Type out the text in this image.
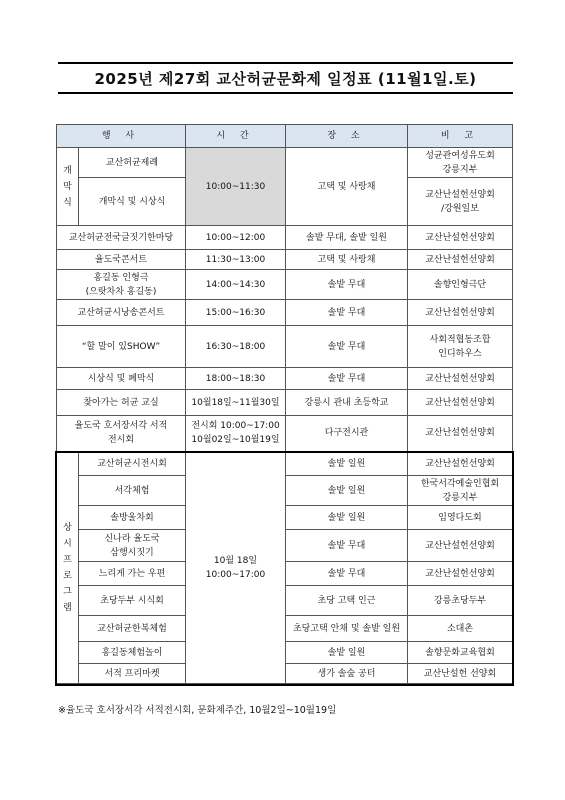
2025년 제27회 교산허균문화제 일정표 (11월1일.토)
행 사		시 간	장 소	비 고
개
막
식	교산허균제례	10:00~11:30	고택 및 사랑채	성균관여성유도회
강릉지부
	개막식 및 시상식			교산난설헌선양회
/강원일보
교산허균전국글짓기한마당		10:00~12:00	솔밭 무대, 솔밭 일원	교산난설헌선양회
율도국콘서트		11:30~13:00	고택 및 사랑채	교산난설헌선양회
홍길동 인형극
(으랏차차 홍길동)		14:00~14:30	솔밭 무대	솔향인형극단
교산허균시낭송콘서트		15:00~16:30	솔밭 무대	교산난설헌선양회
“할 말이 있SHOW”		16:30~18:00	솔밭 무대	사회적협동조합
인디하우스
시상식 및 폐막식		18:00~18:30	솔밭 무대	교산난설헌선양회
찾아가는 허균 교실		10월18일~11월30일	강릉시 관내 초등학교	교산난설헌선양회
율도국 호서장서각 서적
전시회		전시회 10:00~17:00
10월02일~10월19일	다구전시관	교산난설헌선양회
상시
프로
그램	교산허균시전시회	10월 18일
10:00~17:00	솔밭 일원	교산난설헌선양회
	서각체험		솔밭 일원	한국서각예술인협회
강릉지부
	솔방울차회		솔밭 일원	임영다도회
	신나라 율도국
삼행시짓기		솔밭 무대	교산난설헌선양회
	느리게 가는 우편		솔밭 무대	교산난설헌선양회
	초당두부 시식회		초당 고택 인근	강릉초당두부
	교산허균한복체험		초당고택 안채 및 솔밭 일원	소대촌
	홍길동체험놀이		솔밭 일원	솔향문화교육협회
	서적 프리마켓		생가 솔숲 공터	교산난설헌 선양회
※율도국 호서장서각 서적전시회, 문화제주간, 10월2일~10월19일
